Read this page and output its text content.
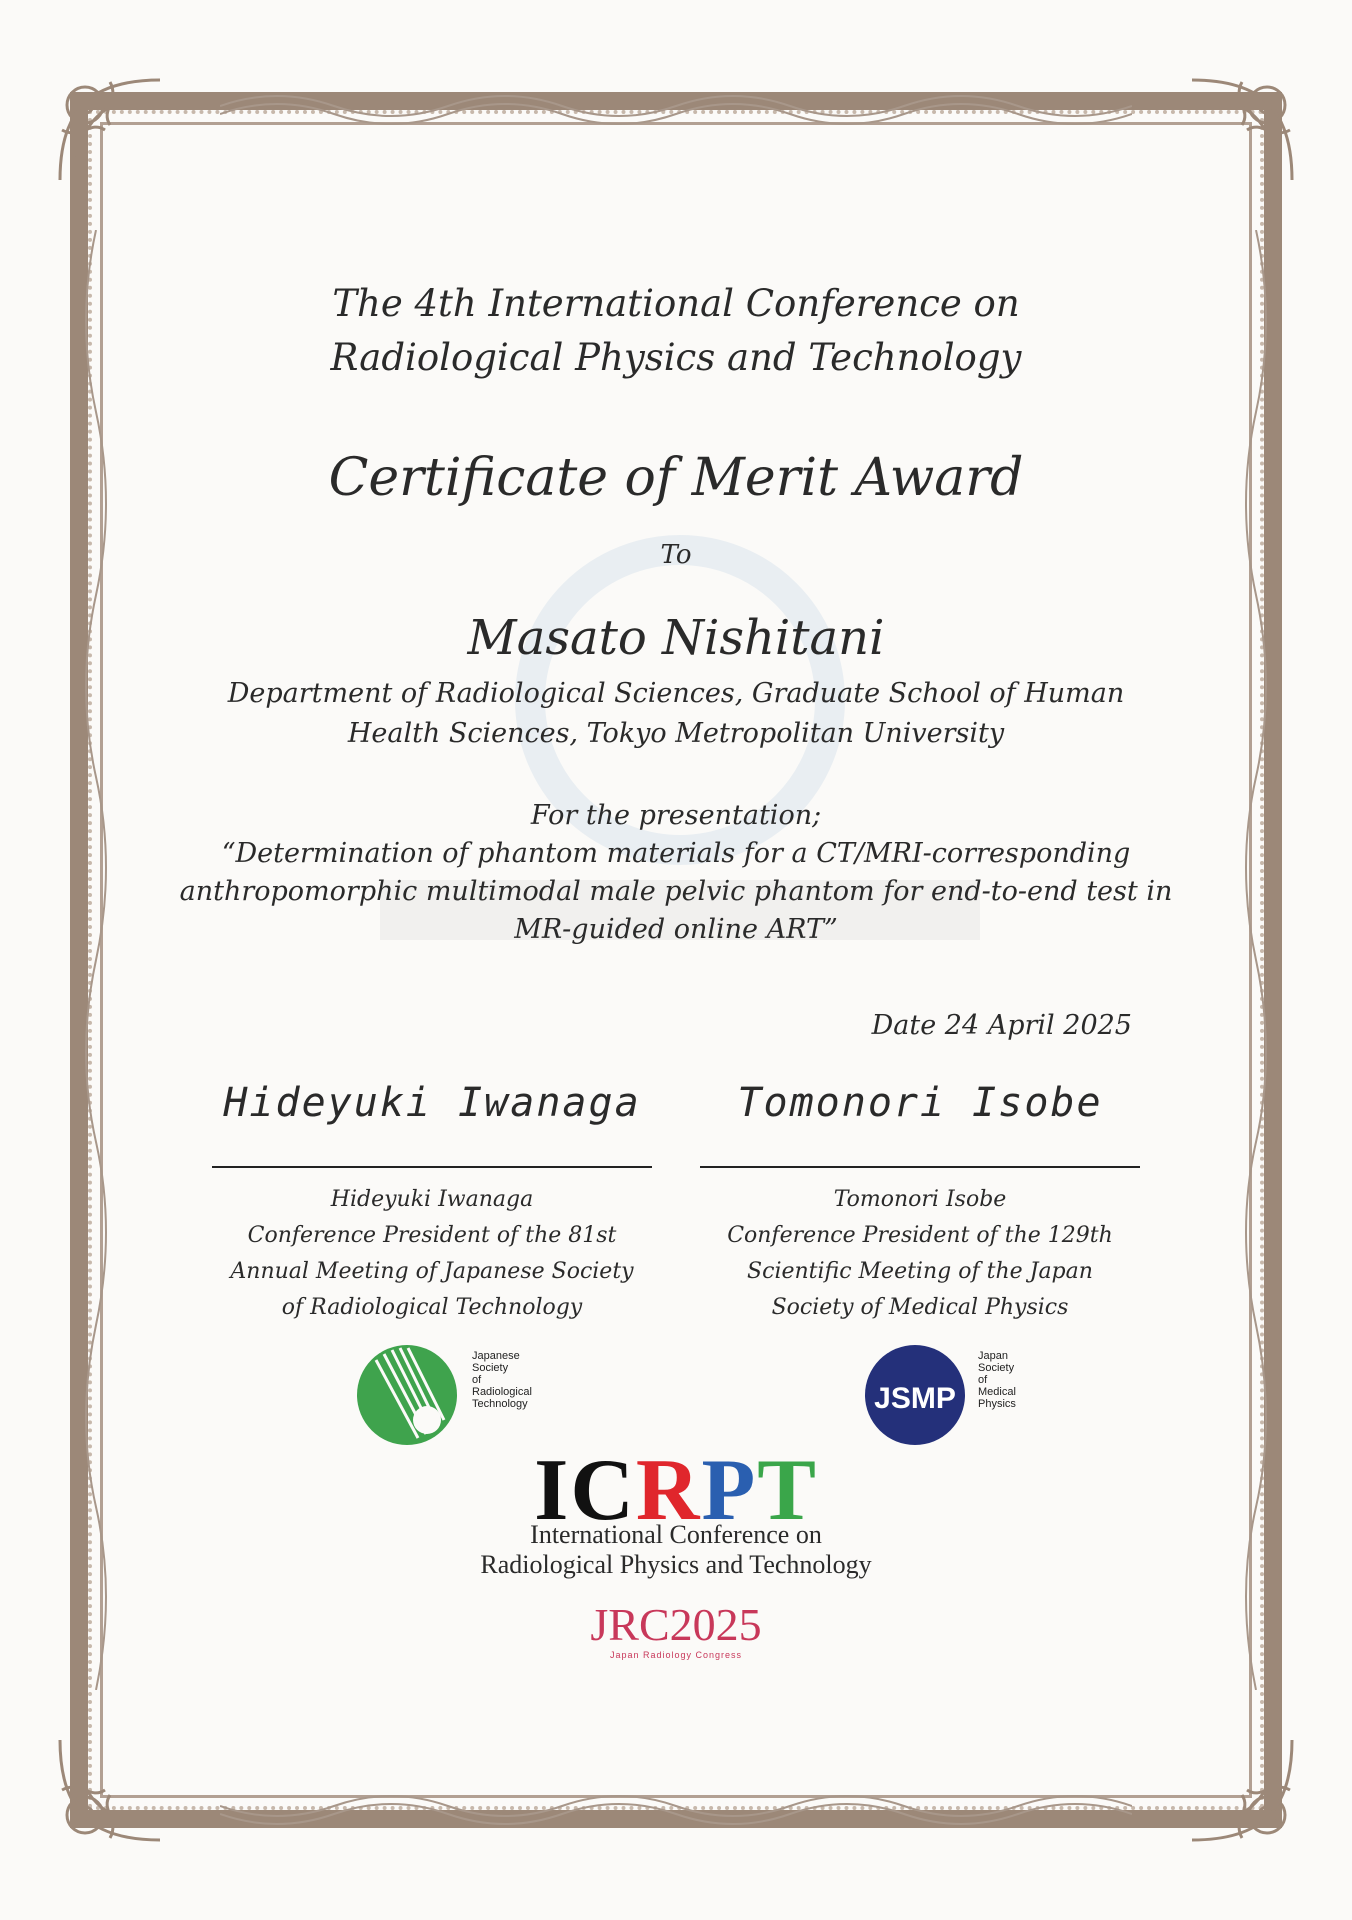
The 4th International Conference on
Radiological Physics and Technology
Certificate of Merit Award
To
Masato Nishitani
Department of Radiological Sciences, Graduate School of Human
Health Sciences, Tokyo Metropolitan University
For the presentation;
“Determination of phantom materials for a CT/MRI-corresponding
anthropomorphic multimodal male pelvic phantom for end-to-end test in
MR-guided online ART”
Date 24 April 2025
Hideyuki Iwanaga
Hideyuki Iwanaga
Conference President of the 81st
Annual Meeting of Japanese Society
of Radiological Technology
Tomonori Isobe
Tomonori Isobe
Conference President of the 129th
Scientific Meeting of the Japan
Society of Medical Physics
Japanese
Society
of
Radiological
Technology	JSMP
Japan
Society
of
Medical
Physics
ICRPT
International Conference on
Radiological Physics and Technology
JRC2025
Japan Radiology Congress
